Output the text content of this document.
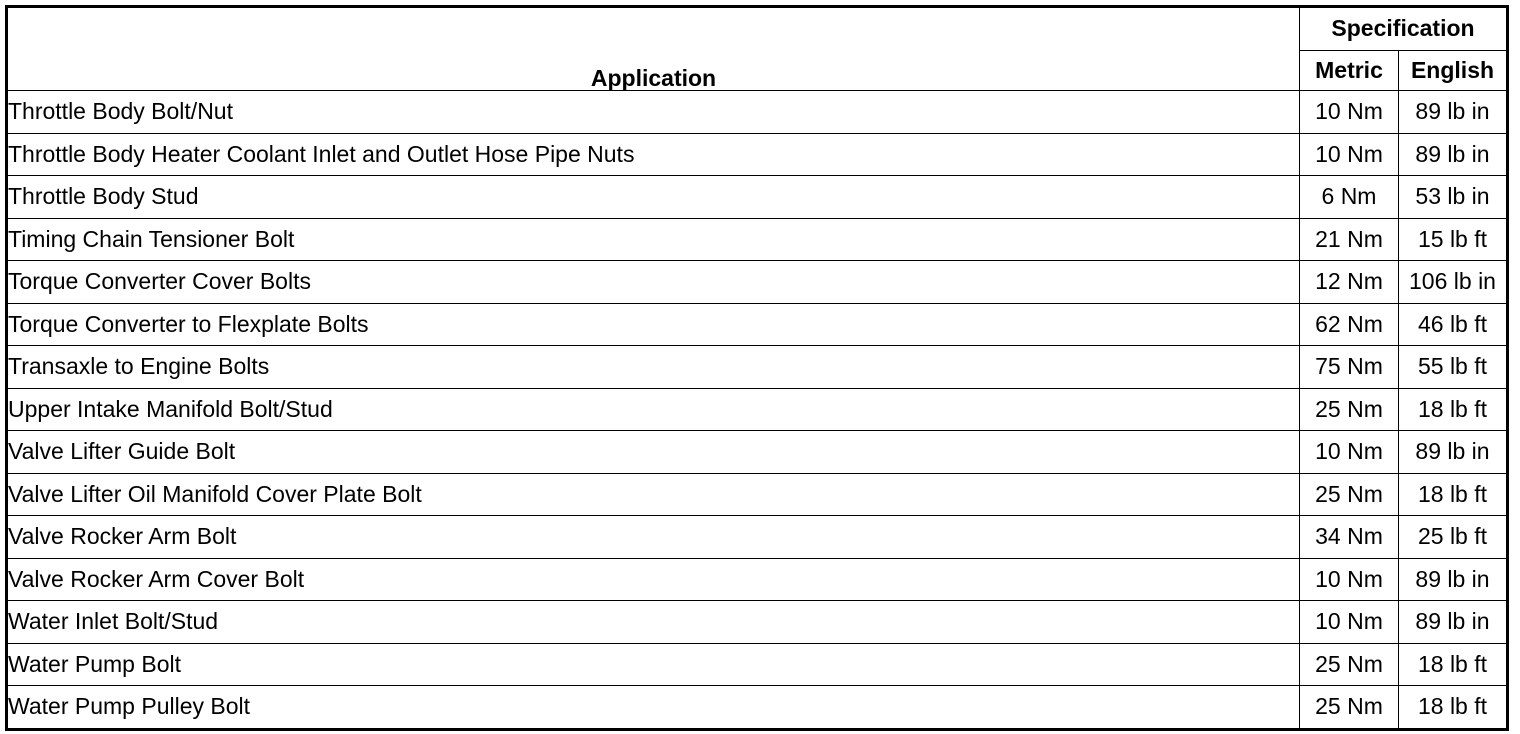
Application	Specification	
	Metric	English
Throttle Body Bolt/Nut	10 Nm	89 lb in
Throttle Body Heater Coolant Inlet and Outlet Hose Pipe Nuts	10 Nm	89 lb in
Throttle Body Stud	6 Nm	53 lb in
Timing Chain Tensioner Bolt	21 Nm	15 lb ft
Torque Converter Cover Bolts	12 Nm	106 lb in
Torque Converter to Flexplate Bolts	62 Nm	46 lb ft
Transaxle to Engine Bolts	75 Nm	55 lb ft
Upper Intake Manifold Bolt/Stud	25 Nm	18 lb ft
Valve Lifter Guide Bolt	10 Nm	89 lb in
Valve Lifter Oil Manifold Cover Plate Bolt	25 Nm	18 lb ft
Valve Rocker Arm Bolt	34 Nm	25 lb ft
Valve Rocker Arm Cover Bolt	10 Nm	89 lb in
Water Inlet Bolt/Stud	10 Nm	89 lb in
Water Pump Bolt	25 Nm	18 lb ft
Water Pump Pulley Bolt	25 Nm	18 lb ft
